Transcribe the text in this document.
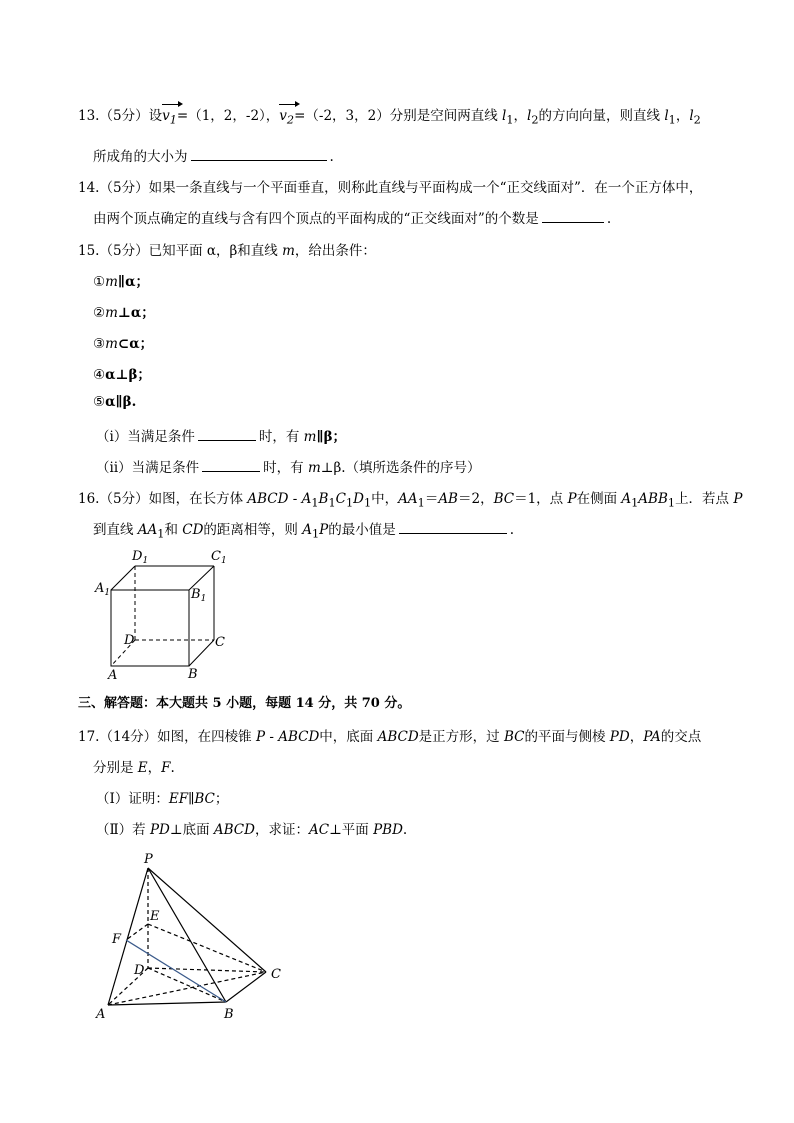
13.（5分）设$v_1=(1$，2，-2），$v_2=(-2$，3，2）分别是空间两直线 $l_1$，$l_2$的方向向量，则直线 $l_1$，$l_2$
所成角的大小为	.
14.（5分）如果一条直线与一个平面垂直，则称此直线与平面构成一个“正交线面对”．在一个正方体中，
由两个顶点确定的直线与含有四个顶点的平面构成的“正交线面对”的个数是	.
15.（5分）已知平面 α，β和直线 m，给出条件：
①m∥α；
②m⊥α；
③m⊂α；
④α⊥β；
⑤α∥β.
（ⅰ）当满足条件	时，有 m∥β；
（ⅱ）当满足条件	时，有 m⊥β.（填所选条件的序号）
16.（5分）如图，在长方体 ABCD - $A_1B_1C_1D_1$中，$AA_1=AB=2$，BC＝1，点 P在侧面 $A_1ABB_1$上．若点 P
到直线 $AA_1$和 CD的距离相等，则 $A_1P$的最小值是	.
$D_1$	$C_1$
$A_1$	$B_1$
D	C
A	B
三、解答题：本大题共 5 小题，每题 14 分，共 70 分。
17.（14分）如图，在四棱锥 P - ABCD中，底面 ABCD是正方形，过 BC的平面与侧棱 PD，PA的交点
分别是 E，F.
（Ⅰ）证明：EF∥BC；
（Ⅱ）若 PD⊥底面 ABCD，求证：AC⊥平面 PBD.
P
E
F
D	C
A	B
